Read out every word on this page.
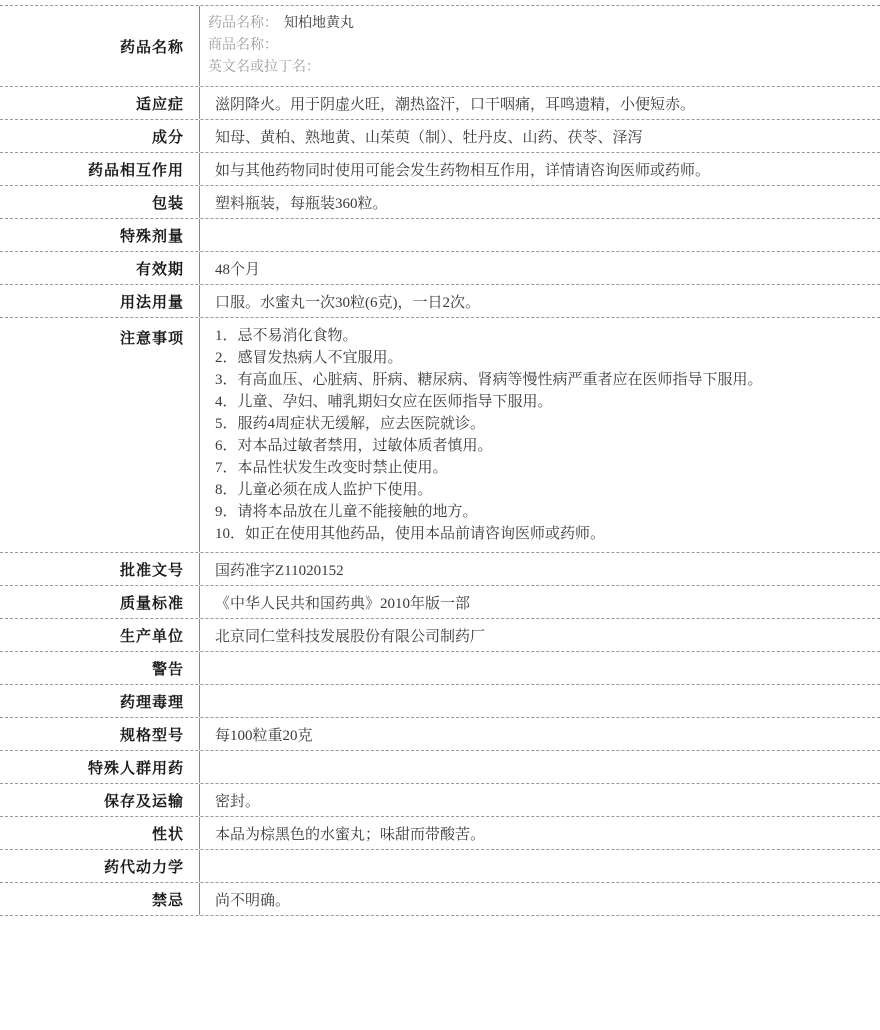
药品名称
药品名称： 知柏地黄丸
商品名称：
英文名或拉丁名：
适应症	滋阴降火。用于阴虚火旺，潮热盗汗，口干咽痛，耳鸣遗精，小便短赤。
成分	知母、黄柏、熟地黄、山茱萸（制）、牡丹皮、山药、茯苓、泽泻
药品相互作用	如与其他药物同时使用可能会发生药物相互作用，详情请咨询医师或药师。
包装	塑料瓶装，每瓶装360粒。
特殊剂量
有效期	48个月
用法用量	口服。水蜜丸一次30粒(6克)，一日2次。
注意事项	1．忌不易消化食物。
2．感冒发热病人不宜服用。
3．有高血压、心脏病、肝病、糖尿病、肾病等慢性病严重者应在医师指导下服用。
4．儿童、孕妇、哺乳期妇女应在医师指导下服用。
5．服药4周症状无缓解，应去医院就诊。
6．对本品过敏者禁用，过敏体质者慎用。
7．本品性状发生改变时禁止使用。
8．儿童必须在成人监护下使用。
9．请将本品放在儿童不能接触的地方。
10．如正在使用其他药品，使用本品前请咨询医师或药师。
批准文号	国药准字Z11020152
质量标准	《中华人民共和国药典》2010年版一部
生产单位	北京同仁堂科技发展股份有限公司制药厂
警告
药理毒理
规格型号	每100粒重20克
特殊人群用药
保存及运输	密封。
性状	本品为棕黑色的水蜜丸；味甜而带酸苦。
药代动力学
禁忌	尚不明确。
